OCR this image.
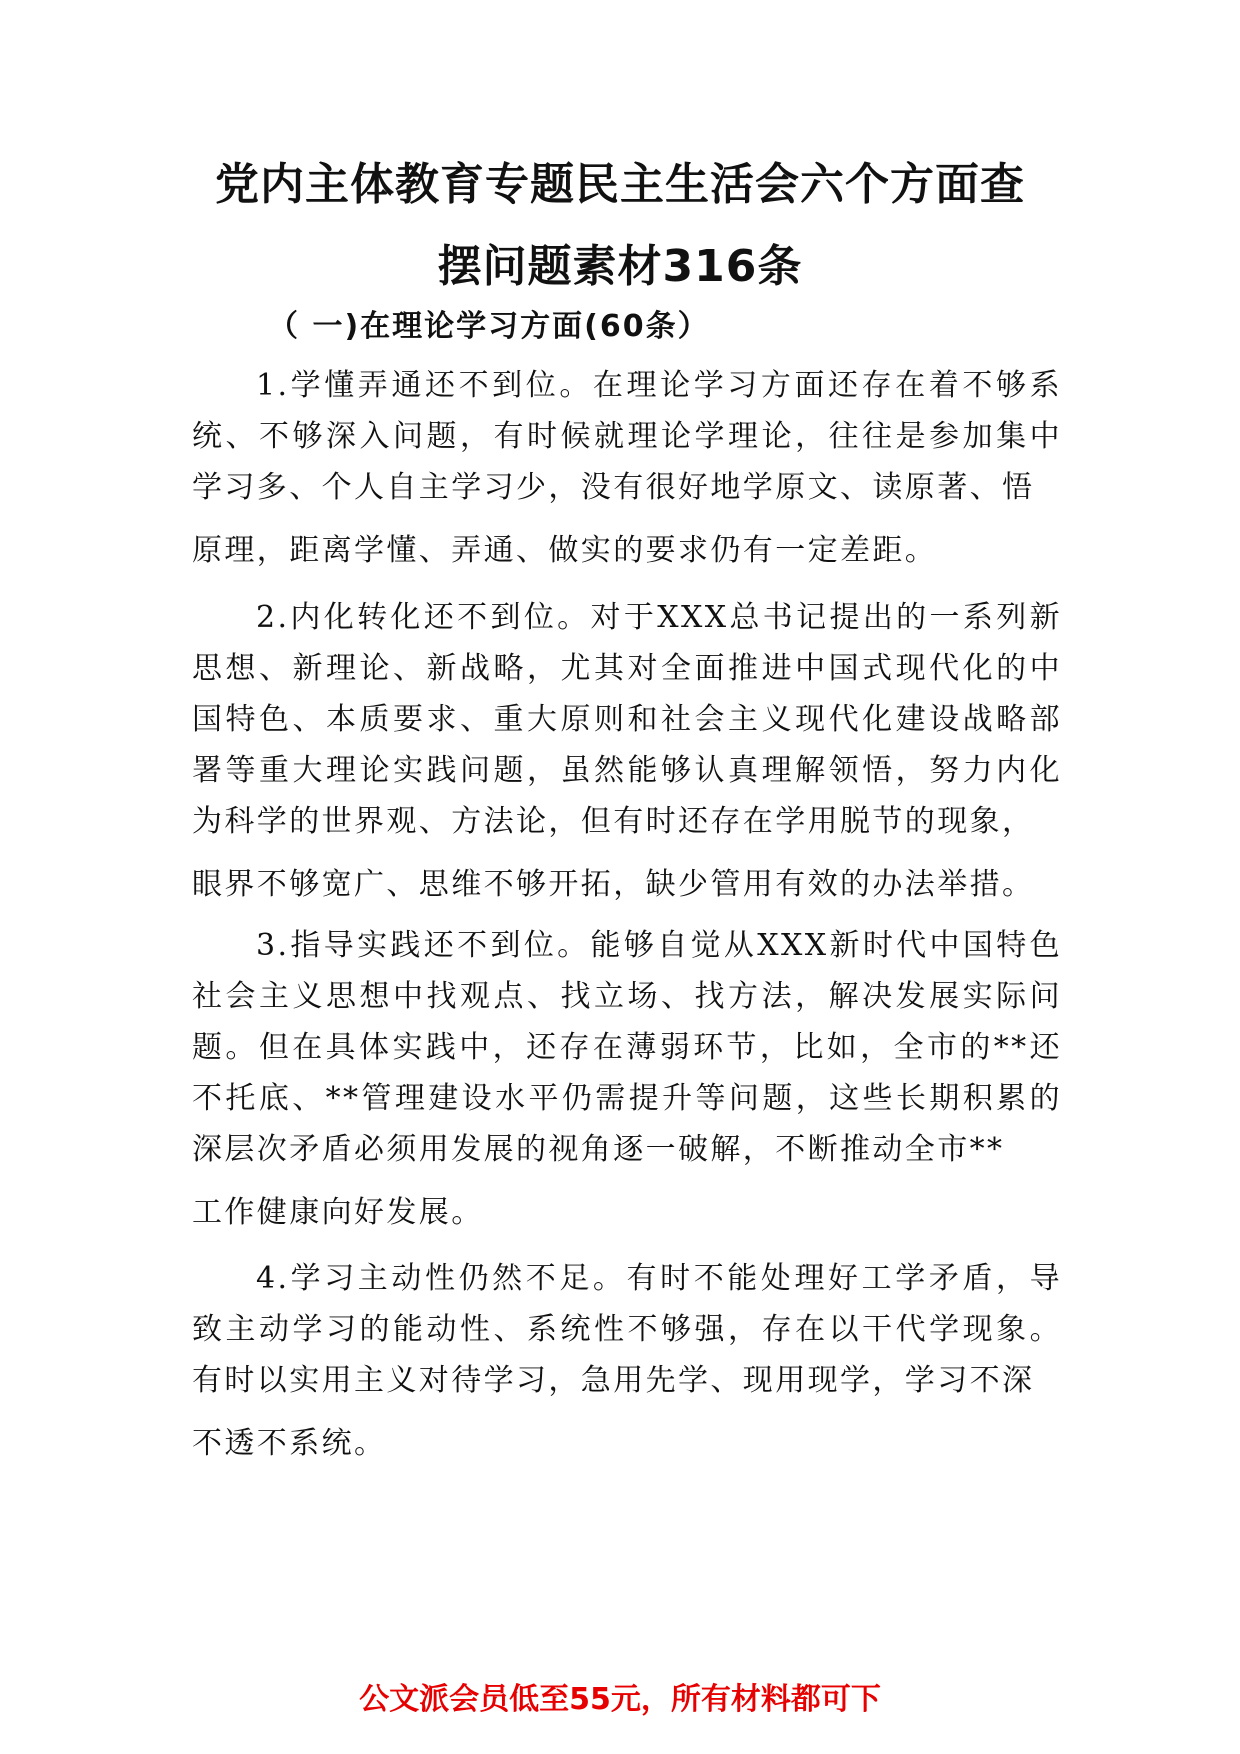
党内主体教育专题民主生活会六个方面查
摆问题素材316条
（ 一)在理论学习方面(60条）

1.学懂弄通还不到位。在理论学习方面还存在着不够系统、不够深入问题，有时候就理论学理论，往往是参加集中学习多、个人自主学习少，没有很好地学原文、读原著、悟
原理，距离学懂、弄通、做实的要求仍有一定差距。

2.内化转化还不到位。对于XXX总书记提出的一系列新思想、新理论、新战略，尤其对全面推进中国式现代化的中国特色、本质要求、重大原则和社会主义现代化建设战略部署等重大理论实践问题，虽然能够认真理解领悟，努力内化为科学的世界观、方法论，但有时还存在学用脱节的现象，
眼界不够宽广、思维不够开拓，缺少管用有效的办法举措。

3.指导实践还不到位。能够自觉从XXX新时代中国特色社会主义思想中找观点、找立场、找方法，解决发展实际问题。但在具体实践中，还存在薄弱环节，比如，全市的**还不托底、**管理建设水平仍需提升等问题，这些长期积累的深层次矛盾必须用发展的视角逐一破解，不断推动全市**
工作健康向好发展。

4.学习主动性仍然不足。有时不能处理好工学矛盾，导致主动学习的能动性、系统性不够强，存在以干代学现象。有时以实用主义对待学习，急用先学、现用现学，学习不深
不透不系统。

公文派会员低至55元，所有材料都可下
